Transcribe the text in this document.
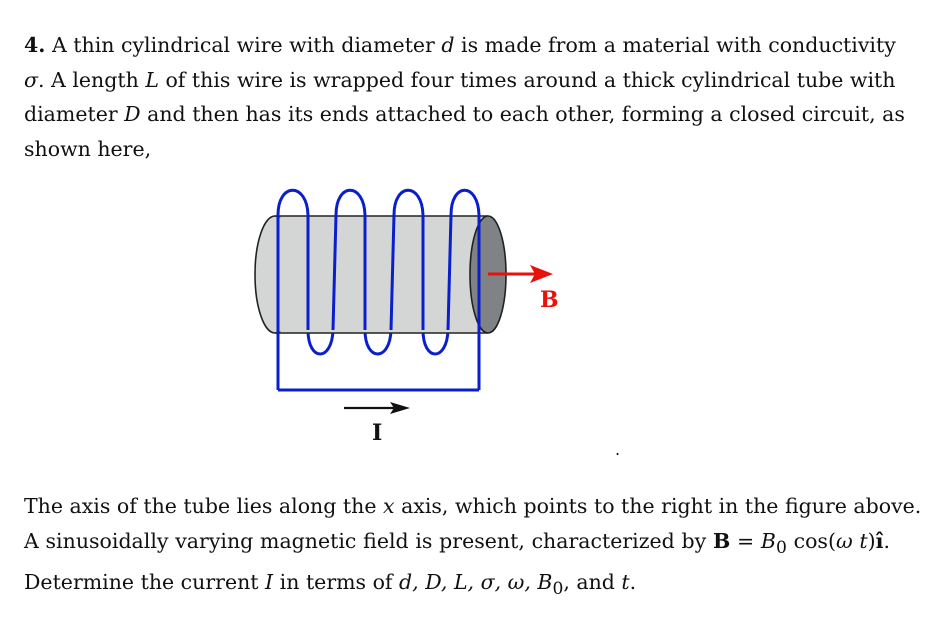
4. A thin cylindrical wire with diameter d is made from a material with conductivity
σ. A length L of this wire is wrapped four times around a thick cylindrical tube with
diameter D and then has its ends attached to each other, forming a closed circuit, as
shown here,
B
I
.
The axis of the tube lies along the x axis, which points to the right in the figure above.
A sinusoidally varying magnetic field is present, characterized by $B = B_0$ cos(ω t)î.
Determine the current I in terms of d, D, L, σ, ω, $B_0$, and t.
